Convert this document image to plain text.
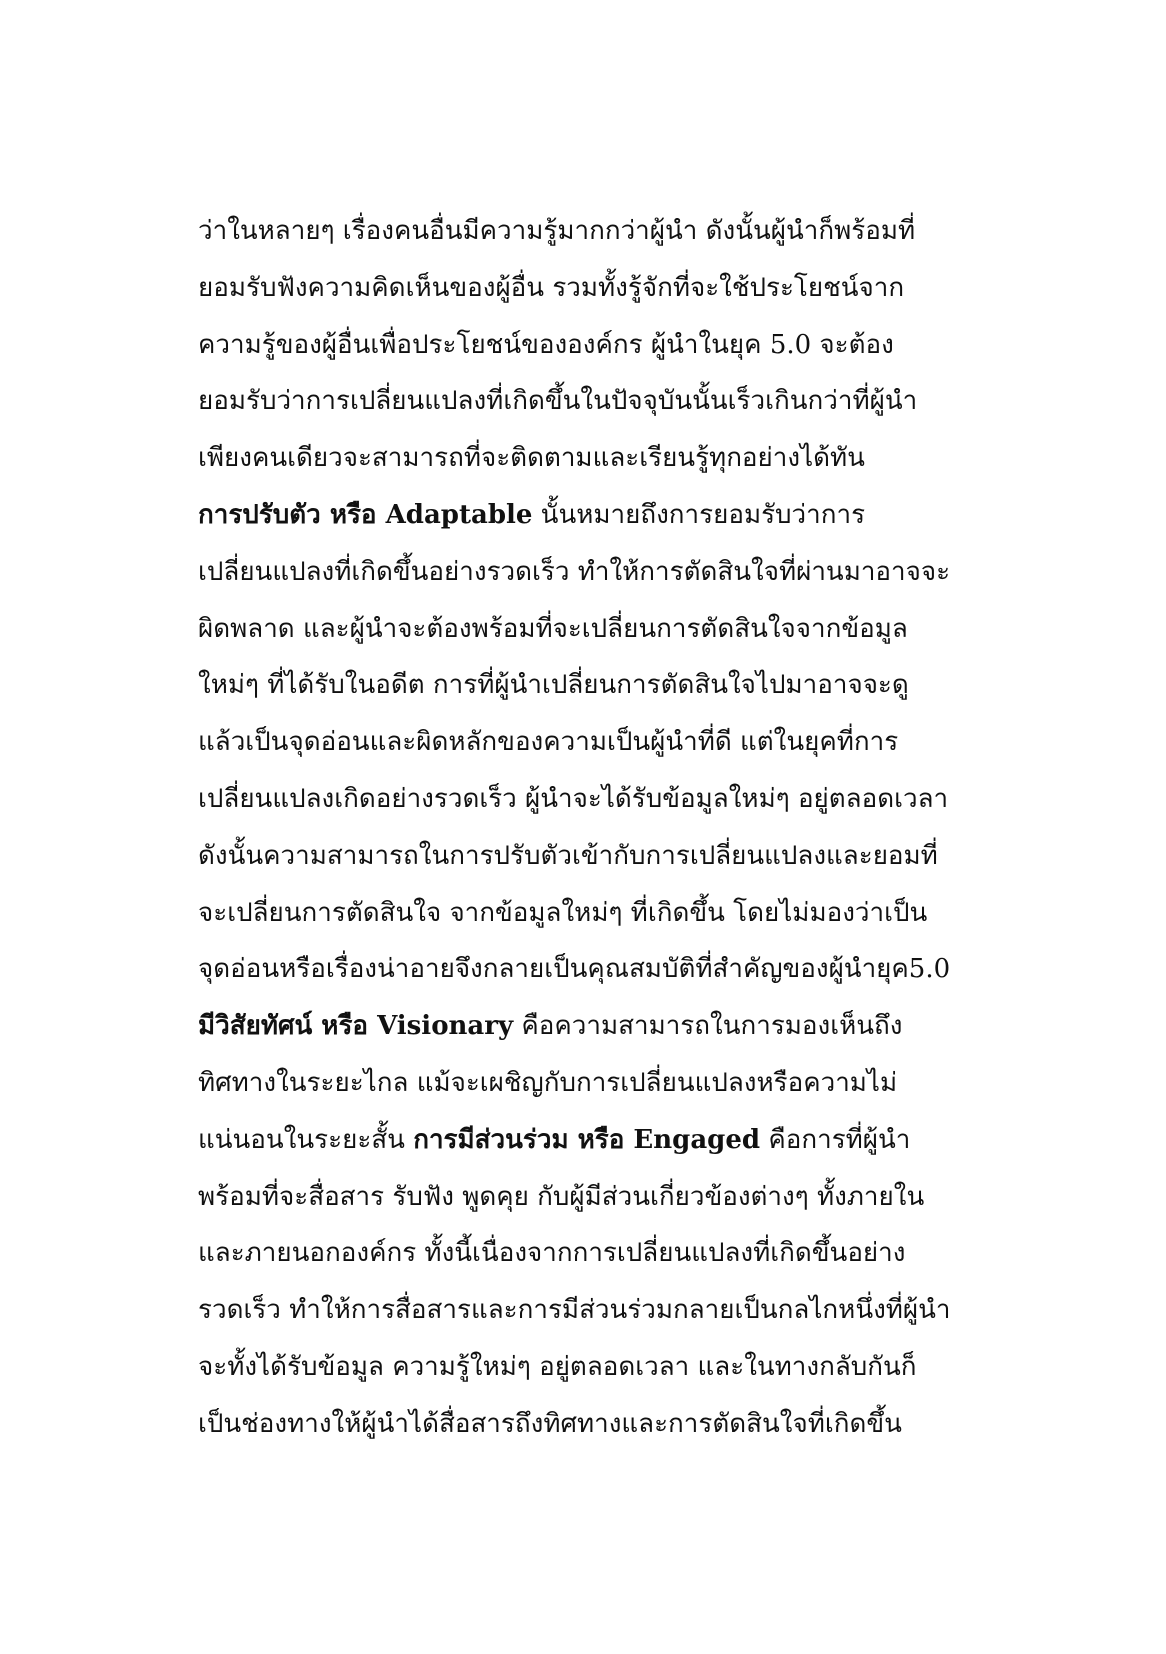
ว่าในหลายๆ เรื่องคนอื่นมีความรู้มากกว่าผู้นำ ดังนั้นผู้นำก็พร้อมที่
ยอมรับฟังความคิดเห็นของผู้อื่น รวมทั้งรู้จักที่จะใช้ประโยชน์จาก
ความรู้ของผู้อื่นเพื่อประโยชน์ขององค์กร ผู้นำในยุค 5.0 จะต้อง
ยอมรับว่าการเปลี่ยนแปลงที่เกิดขึ้นในปัจจุบันนั้นเร็วเกินกว่าที่ผู้นำ
เพียงคนเดียวจะสามารถที่จะติดตามและเรียนรู้ทุกอย่างได้ทัน
การปรับตัว หรือ Adaptable นั้นหมายถึงการยอมรับว่าการ
เปลี่ยนแปลงที่เกิดขึ้นอย่างรวดเร็ว ทำให้การตัดสินใจที่ผ่านมาอาจจะ
ผิดพลาด และผู้นำจะต้องพร้อมที่จะเปลี่ยนการตัดสินใจจากข้อมูล
ใหม่ๆ ที่ได้รับในอดีต การที่ผู้นำเปลี่ยนการตัดสินใจไปมาอาจจะดู
แล้วเป็นจุดอ่อนและผิดหลักของความเป็นผู้นำที่ดี แต่ในยุคที่การ
เปลี่ยนแปลงเกิดอย่างรวดเร็ว ผู้นำจะได้รับข้อมูลใหม่ๆ อยู่ตลอดเวลา
ดังนั้นความสามารถในการปรับตัวเข้ากับการเปลี่ยนแปลงและยอมที่
จะเปลี่ยนการตัดสินใจ จากข้อมูลใหม่ๆ ที่เกิดขึ้น โดยไม่มองว่าเป็น
จุดอ่อนหรือเรื่องน่าอายจึงกลายเป็นคุณสมบัติที่สำคัญของผู้นำยุค5.0
มีวิสัยทัศน์ หรือ Visionary คือความสามารถในการมองเห็นถึง
ทิศทางในระยะไกล แม้จะเผชิญกับการเปลี่ยนแปลงหรือความไม่
แน่นอนในระยะสั้น การมีส่วนร่วม หรือ Engaged คือการที่ผู้นำ
พร้อมที่จะสื่อสาร รับฟัง พูดคุย กับผู้มีส่วนเกี่ยวข้องต่างๆ ทั้งภายใน
และภายนอกองค์กร ทั้งนี้เนื่องจากการเปลี่ยนแปลงที่เกิดขึ้นอย่าง
รวดเร็ว ทำให้การสื่อสารและการมีส่วนร่วมกลายเป็นกลไกหนึ่งที่ผู้นำ
จะทั้งได้รับข้อมูล ความรู้ใหม่ๆ อยู่ตลอดเวลา และในทางกลับกันก็
เป็นช่องทางให้ผู้นำได้สื่อสารถึงทิศทางและการตัดสินใจที่เกิดขึ้น
